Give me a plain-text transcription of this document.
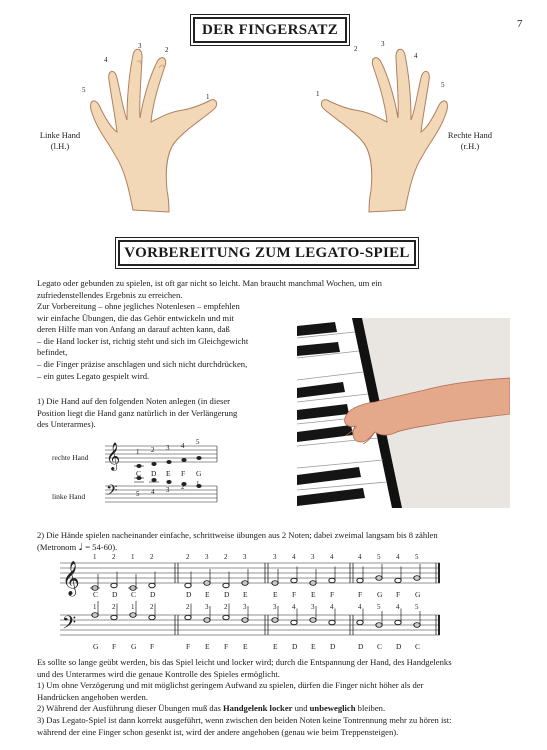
7
DER FINGERSATZ
5
4
3	2
1
Linke Hand
(l.H.)
1
2
3
4
5
Rechte Hand
(r.H.)
VORBEREITUNG ZUM LEGATO-SPIEL
Legato oder gebunden zu spielen, ist oft gar nicht so leicht. Man braucht manchmal Wochen, um ein
zufriedenstellendes Ergebnis zu erreichen.
Zur Vorbereitung – ohne jegliches Notenlesen – empfehlen
wir einfache Übungen, die das Gehör entwickeln und mit
deren Hilfe man von Anfang an darauf achten kann, daß
– die Hand locker ist, richtig steht und sich im Gleichgewicht
befindet,
– die Finger präzise anschlagen und sich nicht durchdrücken,
– ein gutes Legato gespielt wird.
1) Die Hand auf den folgenden Noten anlegen (in dieser
Position liegt die Hand ganz natürlich in der Verlängerung
des Unterarmes).
rechte Hand
linke Hand
𝄞
𝄢
1 2 3 4 5
C D E F G
5 4 3 2 1
2) Die Hände spielen nacheinander einfache, schrittweise übungen aus 2 Noten; dabei zweimal langsam bis 8 zählen
(Metronom ♩ = 54-60).
𝄞
𝄢
1 2 1 2	2 3 2 3	3 4 3 4	4 5 4 5
C D C D	D E D E	E F E F	F G F G
1 2 1 2	2 3 2 3	3 4 3 4	4 5 4 5
G F G F	F E F E	E D E D	D C D C
Es sollte so lange geübt werden, bis das Spiel leicht und locker wird; durch die Entspannung der Hand, des Handgelenks
und des Unterarmes wird die genaue Kontrolle des Spieles ermöglicht.
1) Um ohne Verzögerung und mit möglichst geringem Aufwand zu spielen, dürfen die Finger nicht höher als der
Handrücken angehoben werden.
2) Während der Ausführung dieser Übungen muß das Handgelenk locker und unbeweglich bleiben.
3) Das Legato-Spiel ist dann korrekt ausgeführt, wenn zwischen den beiden Noten keine Tontrennung mehr zu hören ist:
während der eine Finger schon gesenkt ist, wird der andere angehoben (genau wie beim Treppensteigen).
